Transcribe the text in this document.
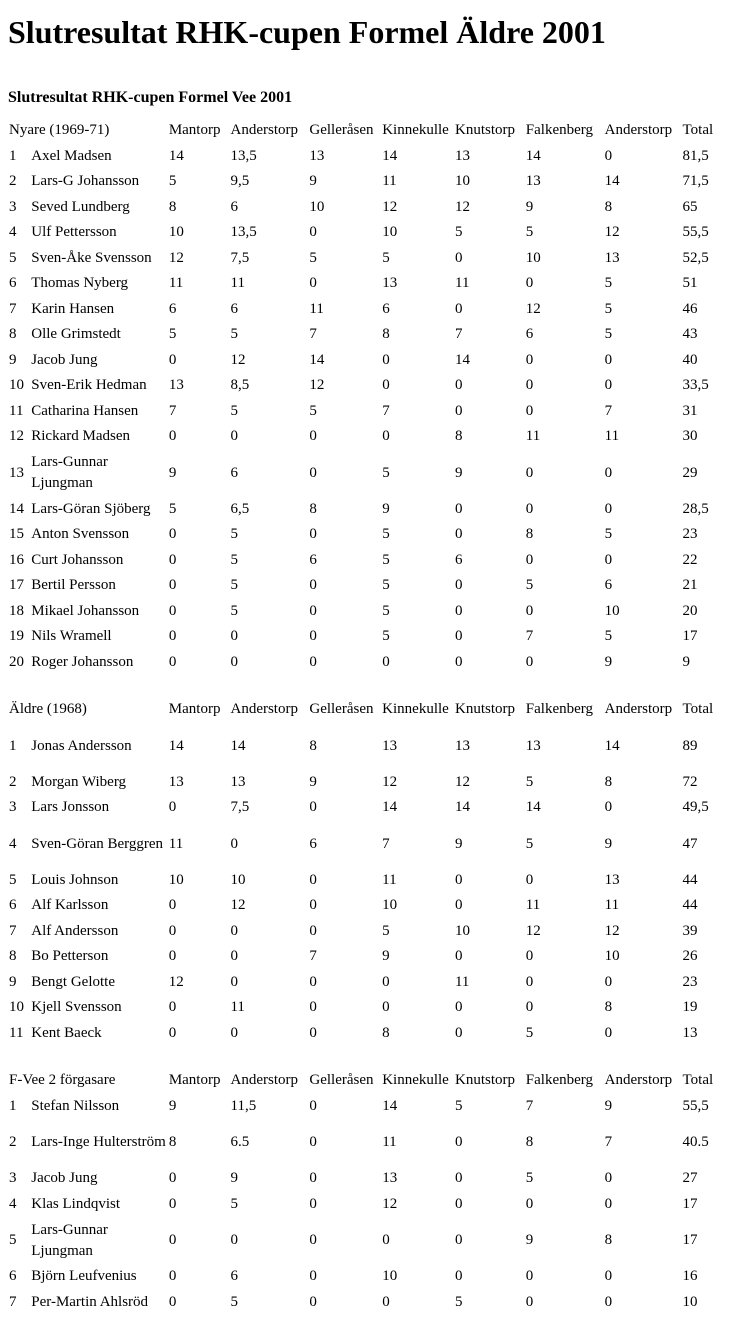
Slutresultat RHK-cupen Formel Äldre 2001
Slutresultat RHK-cupen Formel Vee 2001
Nyare (1969-71)		Mantorp	Anderstorp	Gelleråsen	Kinnekulle	Knutstorp	Falkenberg	Anderstorp	Total
1	Axel Madsen	14	13,5	13	14	13	14	0	81,5
2	Lars-G Johansson	5	9,5	9	11	10	13	14	71,5
3	Seved Lundberg	8	6	10	12	12	9	8	65
4	Ulf Pettersson	10	13,5	0	10	5	5	12	55,5
5	Sven-Åke Svensson	12	7,5	5	5	0	10	13	52,5
6	Thomas Nyberg	11	11	0	13	11	0	5	51
7	Karin Hansen	6	6	11	6	0	12	5	46
8	Olle Grimstedt	5	5	7	8	7	6	5	43
9	Jacob Jung	0	12	14	0	14	0	0	40
10	Sven-Erik Hedman	13	8,5	12	0	0	0	0	33,5
11	Catharina Hansen	7	5	5	7	0	0	7	31
12	Rickard Madsen	0	0	0	0	8	11	11	30
13	Lars-Gunnar Ljungman	9	6	0	5	9	0	0	29
14	Lars-Göran Sjöberg	5	6,5	8	9	0	0	0	28,5
15	Anton Svensson	0	5	0	5	0	8	5	23
16	Curt Johansson	0	5	6	5	6	0	0	22
17	Bertil Persson	0	5	0	5	0	5	6	21
18	Mikael Johansson	0	5	0	5	0	0	10	20
19	Nils Wramell	0	0	0	5	0	7	5	17
20	Roger Johansson	0	0	0	0	0	0	9	9
Äldre (1968)		Mantorp	Anderstorp	Gelleråsen	Kinnekulle	Knutstorp	Falkenberg	Anderstorp	Total
1	Jonas Andersson	14	14	8	13	13	13	14	89
2	Morgan Wiberg	13	13	9	12	12	5	8	72
3	Lars Jonsson	0	7,5	0	14	14	14	0	49,5
4	Sven-Göran Berggren	11	0	6	7	9	5	9	47
5	Louis Johnson	10	10	0	11	0	0	13	44
6	Alf Karlsson	0	12	0	10	0	11	11	44
7	Alf Andersson	0	0	0	5	10	12	12	39
8	Bo Petterson	0	0	7	9	0	0	10	26
9	Bengt Gelotte	12	0	0	0	11	0	0	23
10	Kjell Svensson	0	11	0	0	0	0	8	19
11	Kent Baeck	0	0	0	8	0	5	0	13
F-Vee 2 förgasare		Mantorp	Anderstorp	Gelleråsen	Kinnekulle	Knutstorp	Falkenberg	Anderstorp	Total
1	Stefan Nilsson	9	11,5	0	14	5	7	9	55,5
2	Lars-Inge Hulterström	8	6.5	0	11	0	8	7	40.5
3	Jacob Jung	0	9	0	13	0	5	0	27
4	Klas Lindqvist	0	5	0	12	0	0	0	17
5	Lars-Gunnar Ljungman	0	0	0	0	0	9	8	17
6	Björn Leufvenius	0	6	0	10	0	0	0	16
7	Per-Martin Ahlsröd	0	5	0	0	5	0	0	10
